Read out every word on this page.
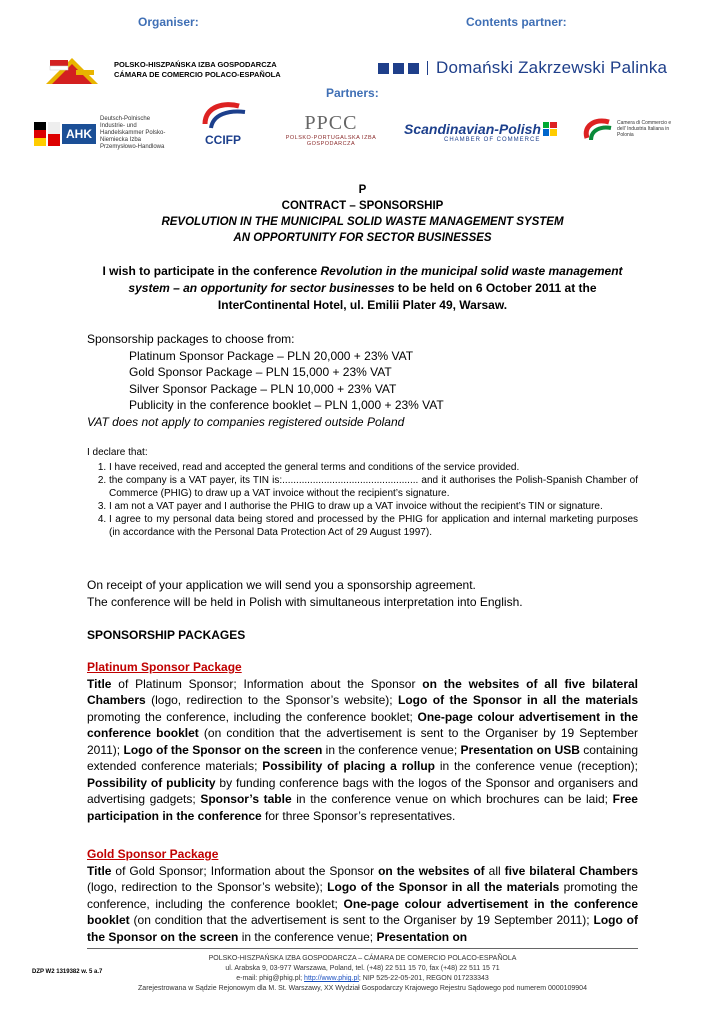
Organiser:	Contents partner:
POLSKO-HISZPAŃSKA IZBA GOSPODARCZA
CÁMARA DE COMERCIO POLACO-ESPAÑOLA	Domański Zakrzewski Palinka
Partners:
AHK
Deutsch-Polnische Industrie- und Handelskammer Polsko-Niemiecka Izba Przemysłowo-Handlowa	CCIFP
PPCC
POLSKO-PORTUGALSKA IZBA GOSPODARCZA
Scandinavian-Polish
CHAMBER OF COMMERCE
Camera di Commercio e dell' Industria Italiana in Polonia
P
CONTRACT – SPONSORSHIP
REVOLUTION IN THE MUNICIPAL SOLID WASTE MANAGEMENT SYSTEM
AN OPPORTUNITY FOR SECTOR BUSINESSES
I wish to participate in the conference Revolution in the municipal solid waste management system – an opportunity for sector businesses to be held on 6 October 2011 at the InterContinental Hotel, ul. Emilii Plater 49, Warsaw.
Sponsorship packages to choose from:
Platinum Sponsor Package – PLN 20,000 + 23% VAT
Gold Sponsor Package – PLN 15,000 + 23% VAT
Silver Sponsor Package – PLN 10,000 + 23% VAT
Publicity in the conference booklet – PLN 1,000 + 23% VAT
VAT does not apply to companies registered outside Poland
I declare that:
1. I have received, read and accepted the general terms and conditions of the service provided.
2. the company is a VAT payer, its TIN is:................................................. and it authorises the Polish-Spanish Chamber of Commerce (PHIG) to draw up a VAT invoice without the recipient’s signature.
3. I am not a VAT payer and I authorise the PHIG to draw up a VAT invoice without the recipient’s TIN or signature.
4. I agree to my personal data being stored and processed by the PHIG for application and internal marketing purposes (in accordance with the Personal Data Protection Act of 29 August 1997).
On receipt of your application we will send you a sponsorship agreement.
The conference will be held in Polish with simultaneous interpretation into English.
SPONSORSHIP PACKAGES
Platinum Sponsor Package
Title of Platinum Sponsor; Information about the Sponsor on the websites of all five bilateral Chambers (logo, redirection to the Sponsor’s website); Logo of the Sponsor in all the materials promoting the conference, including the conference booklet; One-page colour advertisement in the conference booklet (on condition that the advertisement is sent to the Organiser by 19 September 2011); Logo of the Sponsor on the screen in the conference venue; Presentation on USB containing extended conference materials; Possibility of placing a rollup in the conference venue (reception); Possibility of publicity by funding conference bags with the logos of the Sponsor and organisers and advertising gadgets; Sponsor’s table in the conference venue on which brochures can be laid; Free participation in the conference for three Sponsor’s representatives.
Gold Sponsor Package
Title of Gold Sponsor; Information about the Sponsor on the websites of all five bilateral Chambers (logo, redirection to the Sponsor’s website); Logo of the Sponsor in all the materials promoting the conference, including the conference booklet; One-page colour advertisement in the conference booklet (on condition that the advertisement is sent to the Organiser by 19 September 2011); Logo of the Sponsor on the screen in the conference venue; Presentation on
DZP W2 1319382 w. 5 a.7
POLSKO-HISZPAŃSKA IZBA GOSPODARCZA – CÁMARA DE COMERCIO POLACO-ESPAÑOLA
ul. Arabska 9, 03-977 Warszawa, Poland, tel. (+48) 22 511 15 70, fax (+48) 22 511 15 71
e-mail: phig@phig.pl; http://www.phig.pl; NIP 525-22-05-201, REGON 017233343
Zarejestrowana w Sądzie Rejonowym dla M. St. Warszawy, XX Wydział Gospodarczy Krajowego Rejestru Sądowego pod numerem 0000109904
